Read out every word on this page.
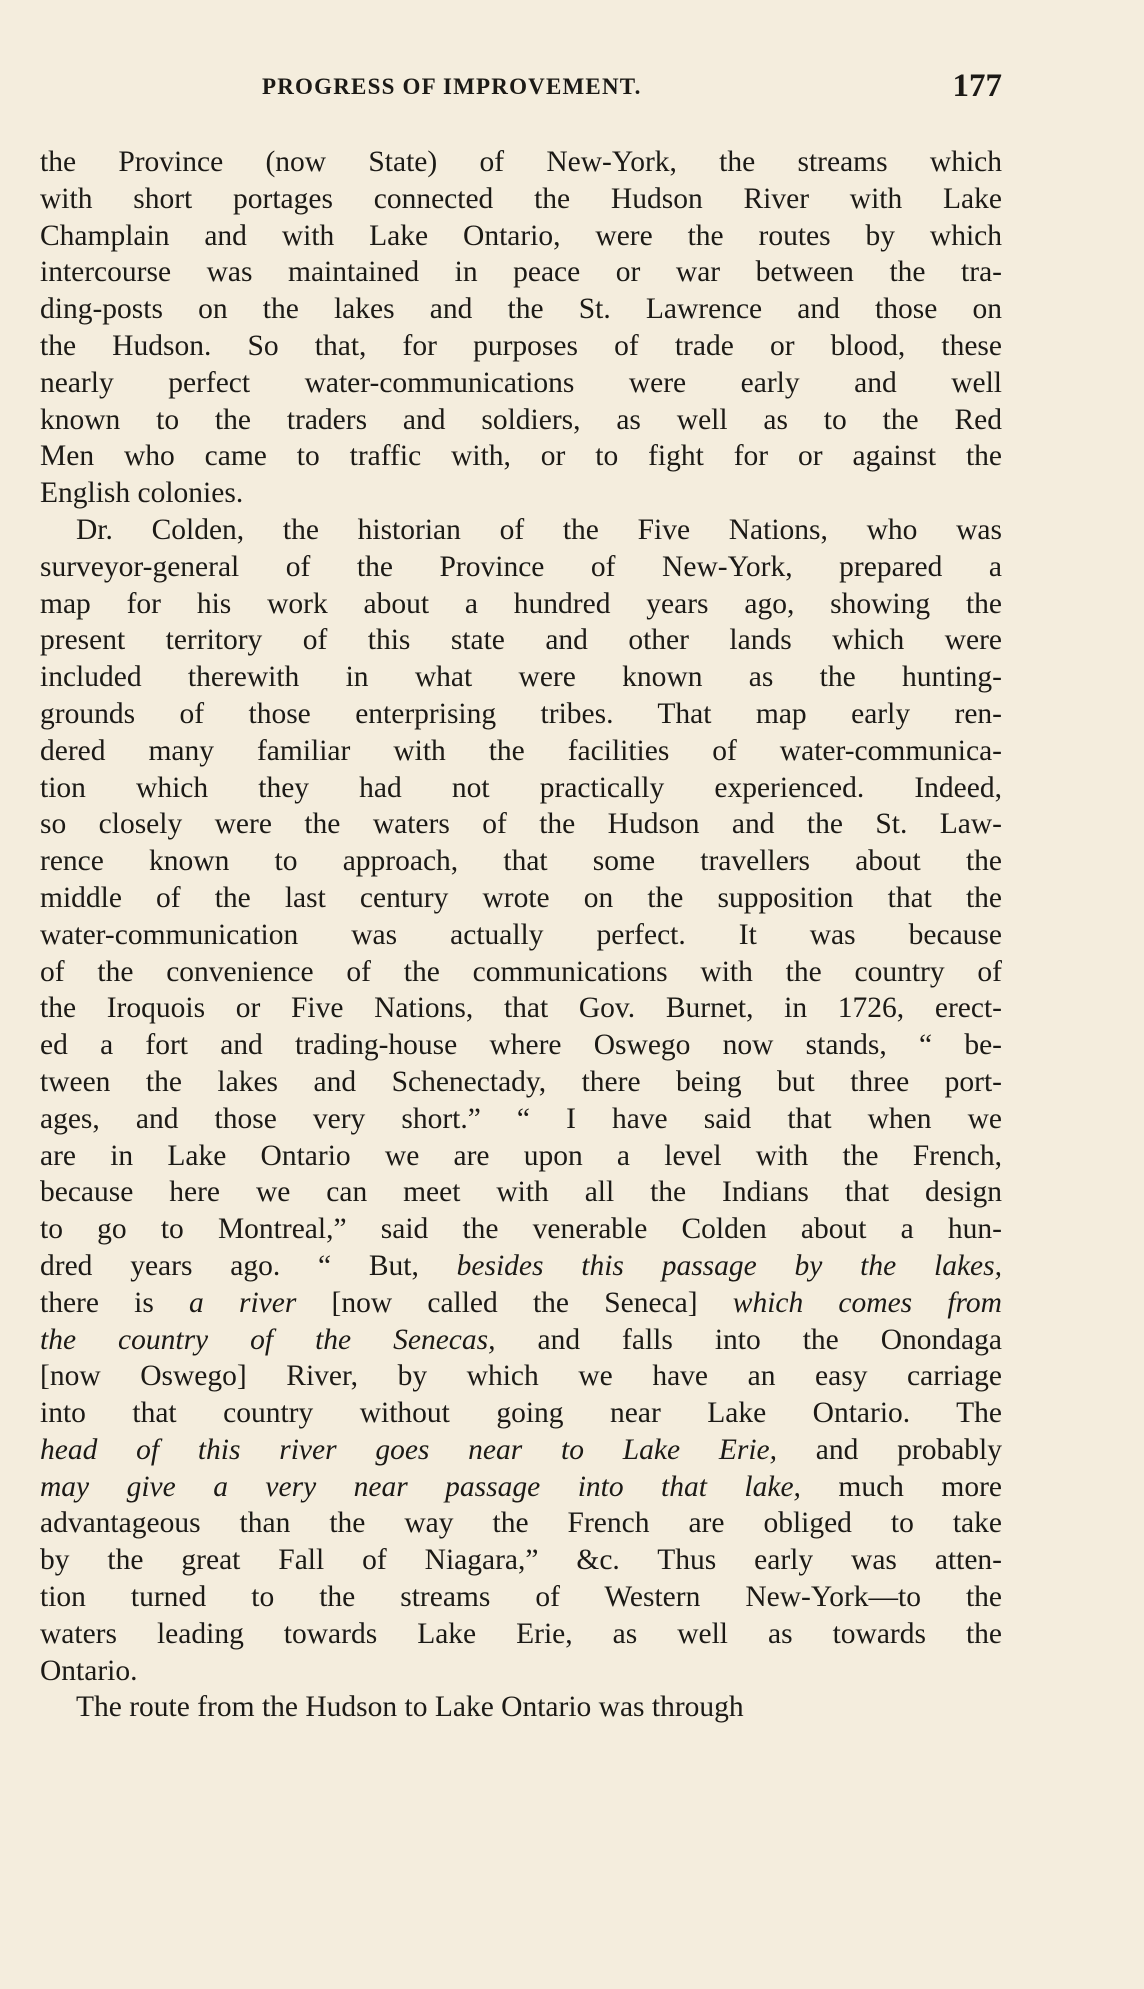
PROGRESS OF IMPROVEMENT.	177
the Province (now State) of New-York, the streams which
with short portages connected the Hudson River with Lake
Champlain and with Lake Ontario, were the routes by which
intercourse was maintained in peace or war between the tra-
ding-posts on the lakes and the St. Lawrence and those on
the Hudson. So that, for purposes of trade or blood, these
nearly perfect water-communications were early and well
known to the traders and soldiers, as well as to the Red
Men who came to traffic with, or to fight for or against the
English colonies.
Dr. Colden, the historian of the Five Nations, who was
surveyor-general of the Province of New-York, prepared a
map for his work about a hundred years ago, showing the
present territory of this state and other lands which were
included therewith in what were known as the hunting-
grounds of those enterprising tribes. That map early ren-
dered many familiar with the facilities of water-communica-
tion which they had not practically experienced. Indeed,
so closely were the waters of the Hudson and the St. Law-
rence known to approach, that some travellers about the
middle of the last century wrote on the supposition that the
water-communication was actually perfect. It was because
of the convenience of the communications with the country of
the Iroquois or Five Nations, that Gov. Burnet, in 1726, erect-
ed a fort and trading-house where Oswego now stands, “ be-
tween the lakes and Schenectady, there being but three port-
ages, and those very short.” “ I have said that when we
are in Lake Ontario we are upon a level with the French,
because here we can meet with all the Indians that design
to go to Montreal,” said the venerable Colden about a hun-
dred years ago. “ But, besides this passage by the lakes,
there is a river [now called the Seneca] which comes from
the country of the Senecas, and falls into the Onondaga
[now Oswego] River, by which we have an easy carriage
into that country without going near Lake Ontario. The
head of this river goes near to Lake Erie, and probably
may give a very near passage into that lake, much more
advantageous than the way the French are obliged to take
by the great Fall of Niagara,” &c. Thus early was atten-
tion turned to the streams of Western New-York—to the
waters leading towards Lake Erie, as well as towards the
Ontario.
The route from the Hudson to Lake Ontario was through
